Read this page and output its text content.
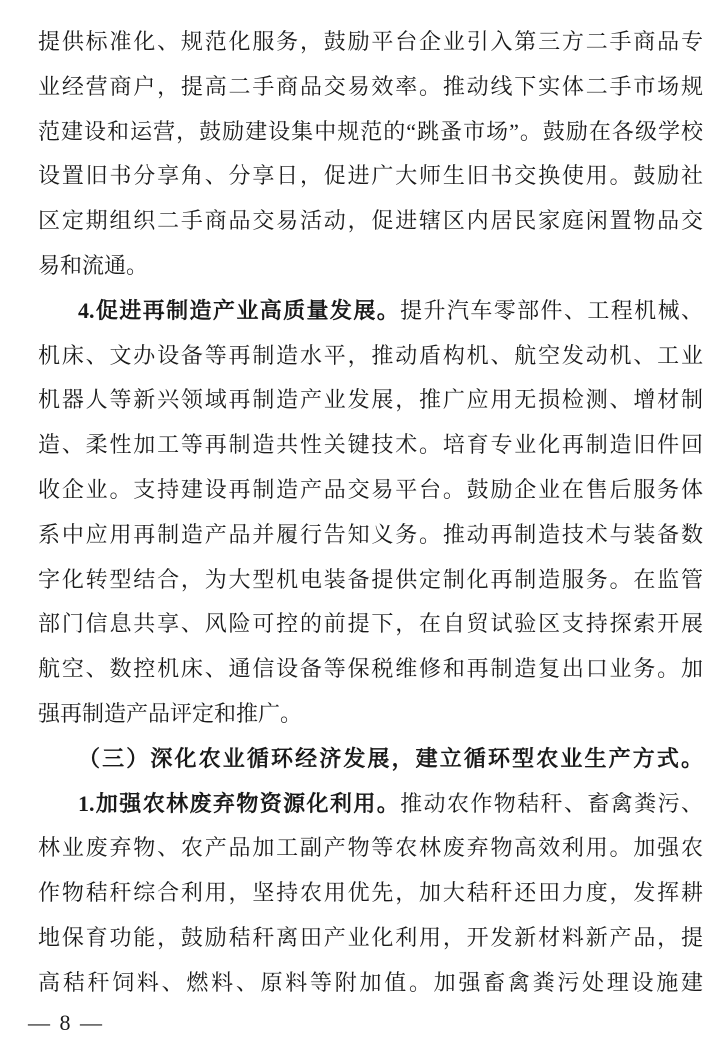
提供标准化、规范化服务，鼓励平台企业引入第三方二手商品专
业经营商户，提高二手商品交易效率。推动线下实体二手市场规
范建设和运营，鼓励建设集中规范的“跳蚤市场”。鼓励在各级学校
设置旧书分享角、分享日，促进广大师生旧书交换使用。鼓励社
区定期组织二手商品交易活动，促进辖区内居民家庭闲置物品交
易和流通。
4.促进再制造产业高质量发展。提升汽车零部件、工程机械、
机床、文办设备等再制造水平，推动盾构机、航空发动机、工业
机器人等新兴领域再制造产业发展，推广应用无损检测、增材制
造、柔性加工等再制造共性关键技术。培育专业化再制造旧件回
收企业。支持建设再制造产品交易平台。鼓励企业在售后服务体
系中应用再制造产品并履行告知义务。推动再制造技术与装备数
字化转型结合，为大型机电装备提供定制化再制造服务。在监管
部门信息共享、风险可控的前提下，在自贸试验区支持探索开展
航空、数控机床、通信设备等保税维修和再制造复出口业务。加
强再制造产品评定和推广。
（三）深化农业循环经济发展，建立循环型农业生产方式。
1.加强农林废弃物资源化利用。推动农作物秸秆、畜禽粪污、
林业废弃物、农产品加工副产物等农林废弃物高效利用。加强农
作物秸秆综合利用，坚持农用优先，加大秸秆还田力度，发挥耕
地保育功能，鼓励秸秆离田产业化利用，开发新材料新产品，提
高秸秆饲料、燃料、原料等附加值。加强畜禽粪污处理设施建
— 8 —
